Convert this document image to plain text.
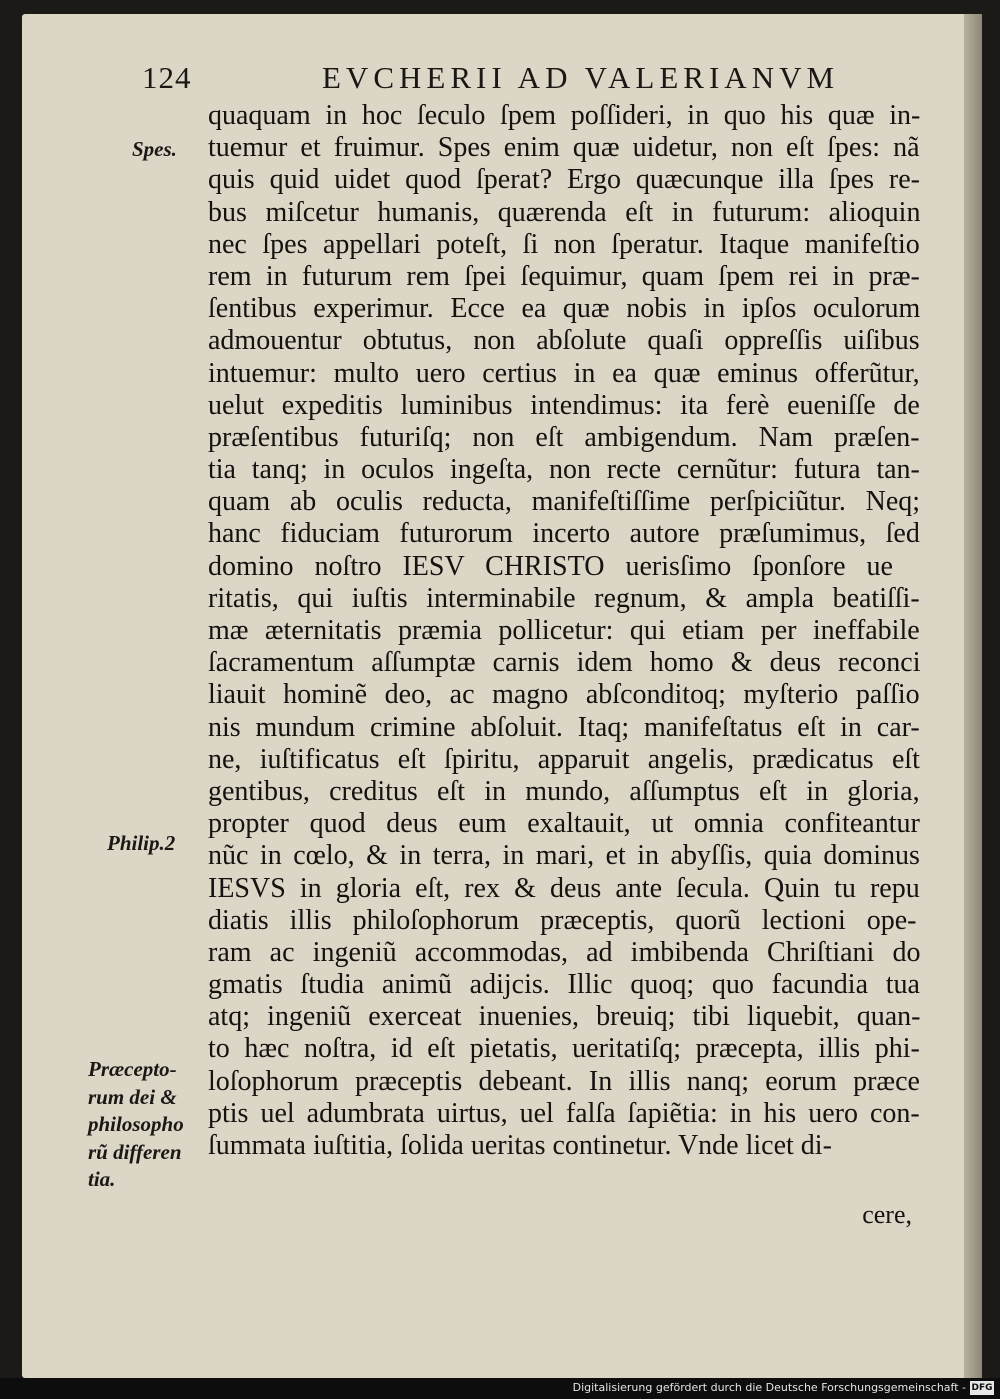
124	EVCHERII AD VALERIANVM
Spes.
Philip.2
Præcepto-
rum dei &
philosopho
rũ differen
tia.
quaquam in hoc ſeculo ſpem poſſideri, in quo his quæ in-
tuemur et fruimur. Spes enim quæ uidetur, non eſt ſpes: nã
quis quid uidet quod ſperat? Ergo quæcunque illa ſpes re-
bus miſcetur humanis, quærenda eſt in futurum: alioquin
nec ſpes appellari poteſt, ſi non ſperatur. Itaque manifeſtio
rem in futurum rem ſpei ſequimur, quam ſpem rei in præ-
ſentibus experimur. Ecce ea quæ nobis in ipſos oculorum
admouentur obtutus, non abſolute quaſi oppreſſis uiſibus
intuemur: multo uero certius in ea quæ eminus offerũtur,
uelut expeditis luminibus intendimus: ita ferè eueniſſe de
præſentibus futuriſq; non eſt ambigendum. Nam præſen-
tia tanq; in oculos ingeſta, non recte cernũtur: futura tan-
quam ab oculis reducta, manifeſtiſſime perſpiciũtur. Neq;
hanc fiduciam futurorum incerto autore præſumimus, ſed
domino noſtro IESV CHRISTO uerisſimo ſponſore ue
ritatis, qui iuſtis interminabile regnum, & ampla beatiſſi-
mæ æternitatis præmia pollicetur: qui etiam per ineffabile
ſacramentum aſſumptæ carnis idem homo & deus reconci
liauit hominẽ deo, ac magno abſconditoq; myſterio paſſio
nis mundum crimine abſoluit. Itaq; manifeſtatus eſt in car-
ne, iuſtificatus eſt ſpiritu, apparuit angelis, prædicatus eſt
gentibus, creditus eſt in mundo, aſſumptus eſt in gloria,
propter quod deus eum exaltauit, ut omnia confiteantur
nũc in cœlo, & in terra, in mari, et in abyſſis, quia dominus
IESVS in gloria eſt, rex & deus ante ſecula. Quin tu repu
diatis illis philoſophorum præceptis, quorũ lectioni ope-
ram ac ingeniũ accommodas, ad imbibenda Chriſtiani do
gmatis ſtudia animũ adijcis. Illic quoq; quo facundia tua
atq; ingeniũ exerceat inuenies, breuiq; tibi liquebit, quan-
to hæc noſtra, id eſt pietatis, ueritatiſq; præcepta, illis phi-
loſophorum præceptis debeant. In illis nanq; eorum præce
ptis uel adumbrata uirtus, uel falſa ſapiẽtia: in his uero con-
ſummata iuſtitia, ſolida ueritas continetur. Vnde licet di-
cere,
Digitalisierung gefördert durch die Deutsche Forschungsgemeinschaft - DFG
